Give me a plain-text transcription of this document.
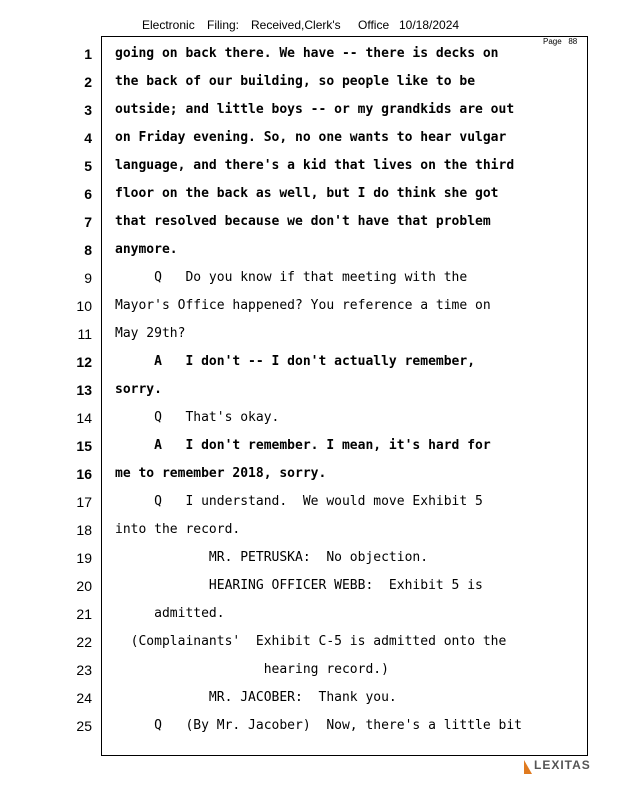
Electronic Filing: Received,Clerk's Office 10/18/2024
Page 88
1 going on back there. We have -- there is decks on
2 the back of our building, so people like to be
3 outside; and little boys -- or my grandkids are out
4 on Friday evening. So, no one wants to hear vulgar
5 language, and there's a kid that lives on the third
6 floor on the back as well, but I do think she got
7 that resolved because we don't have that problem
8 anymore.
9 Q   Do you know if that meeting with the
10 Mayor's Office happened? You reference a time on
11 May 29th?
12 A   I don't -- I don't actually remember,
13 sorry.
14 Q   That's okay.
15 A   I don't remember. I mean, it's hard for
16 me to remember 2018, sorry.
17 Q   I understand.  We would move Exhibit 5
18 into the record.
19 MR. PETRUSKA:  No objection.
20 HEARING OFFICER WEBB:  Exhibit 5 is
21 admitted.
22 (Complainants'  Exhibit C-5 is admitted onto the
23 hearing record.)
24 MR. JACOBER:  Thank you.
25 Q   (By Mr. Jacober)  Now, there's a little bit
LEXITAS
